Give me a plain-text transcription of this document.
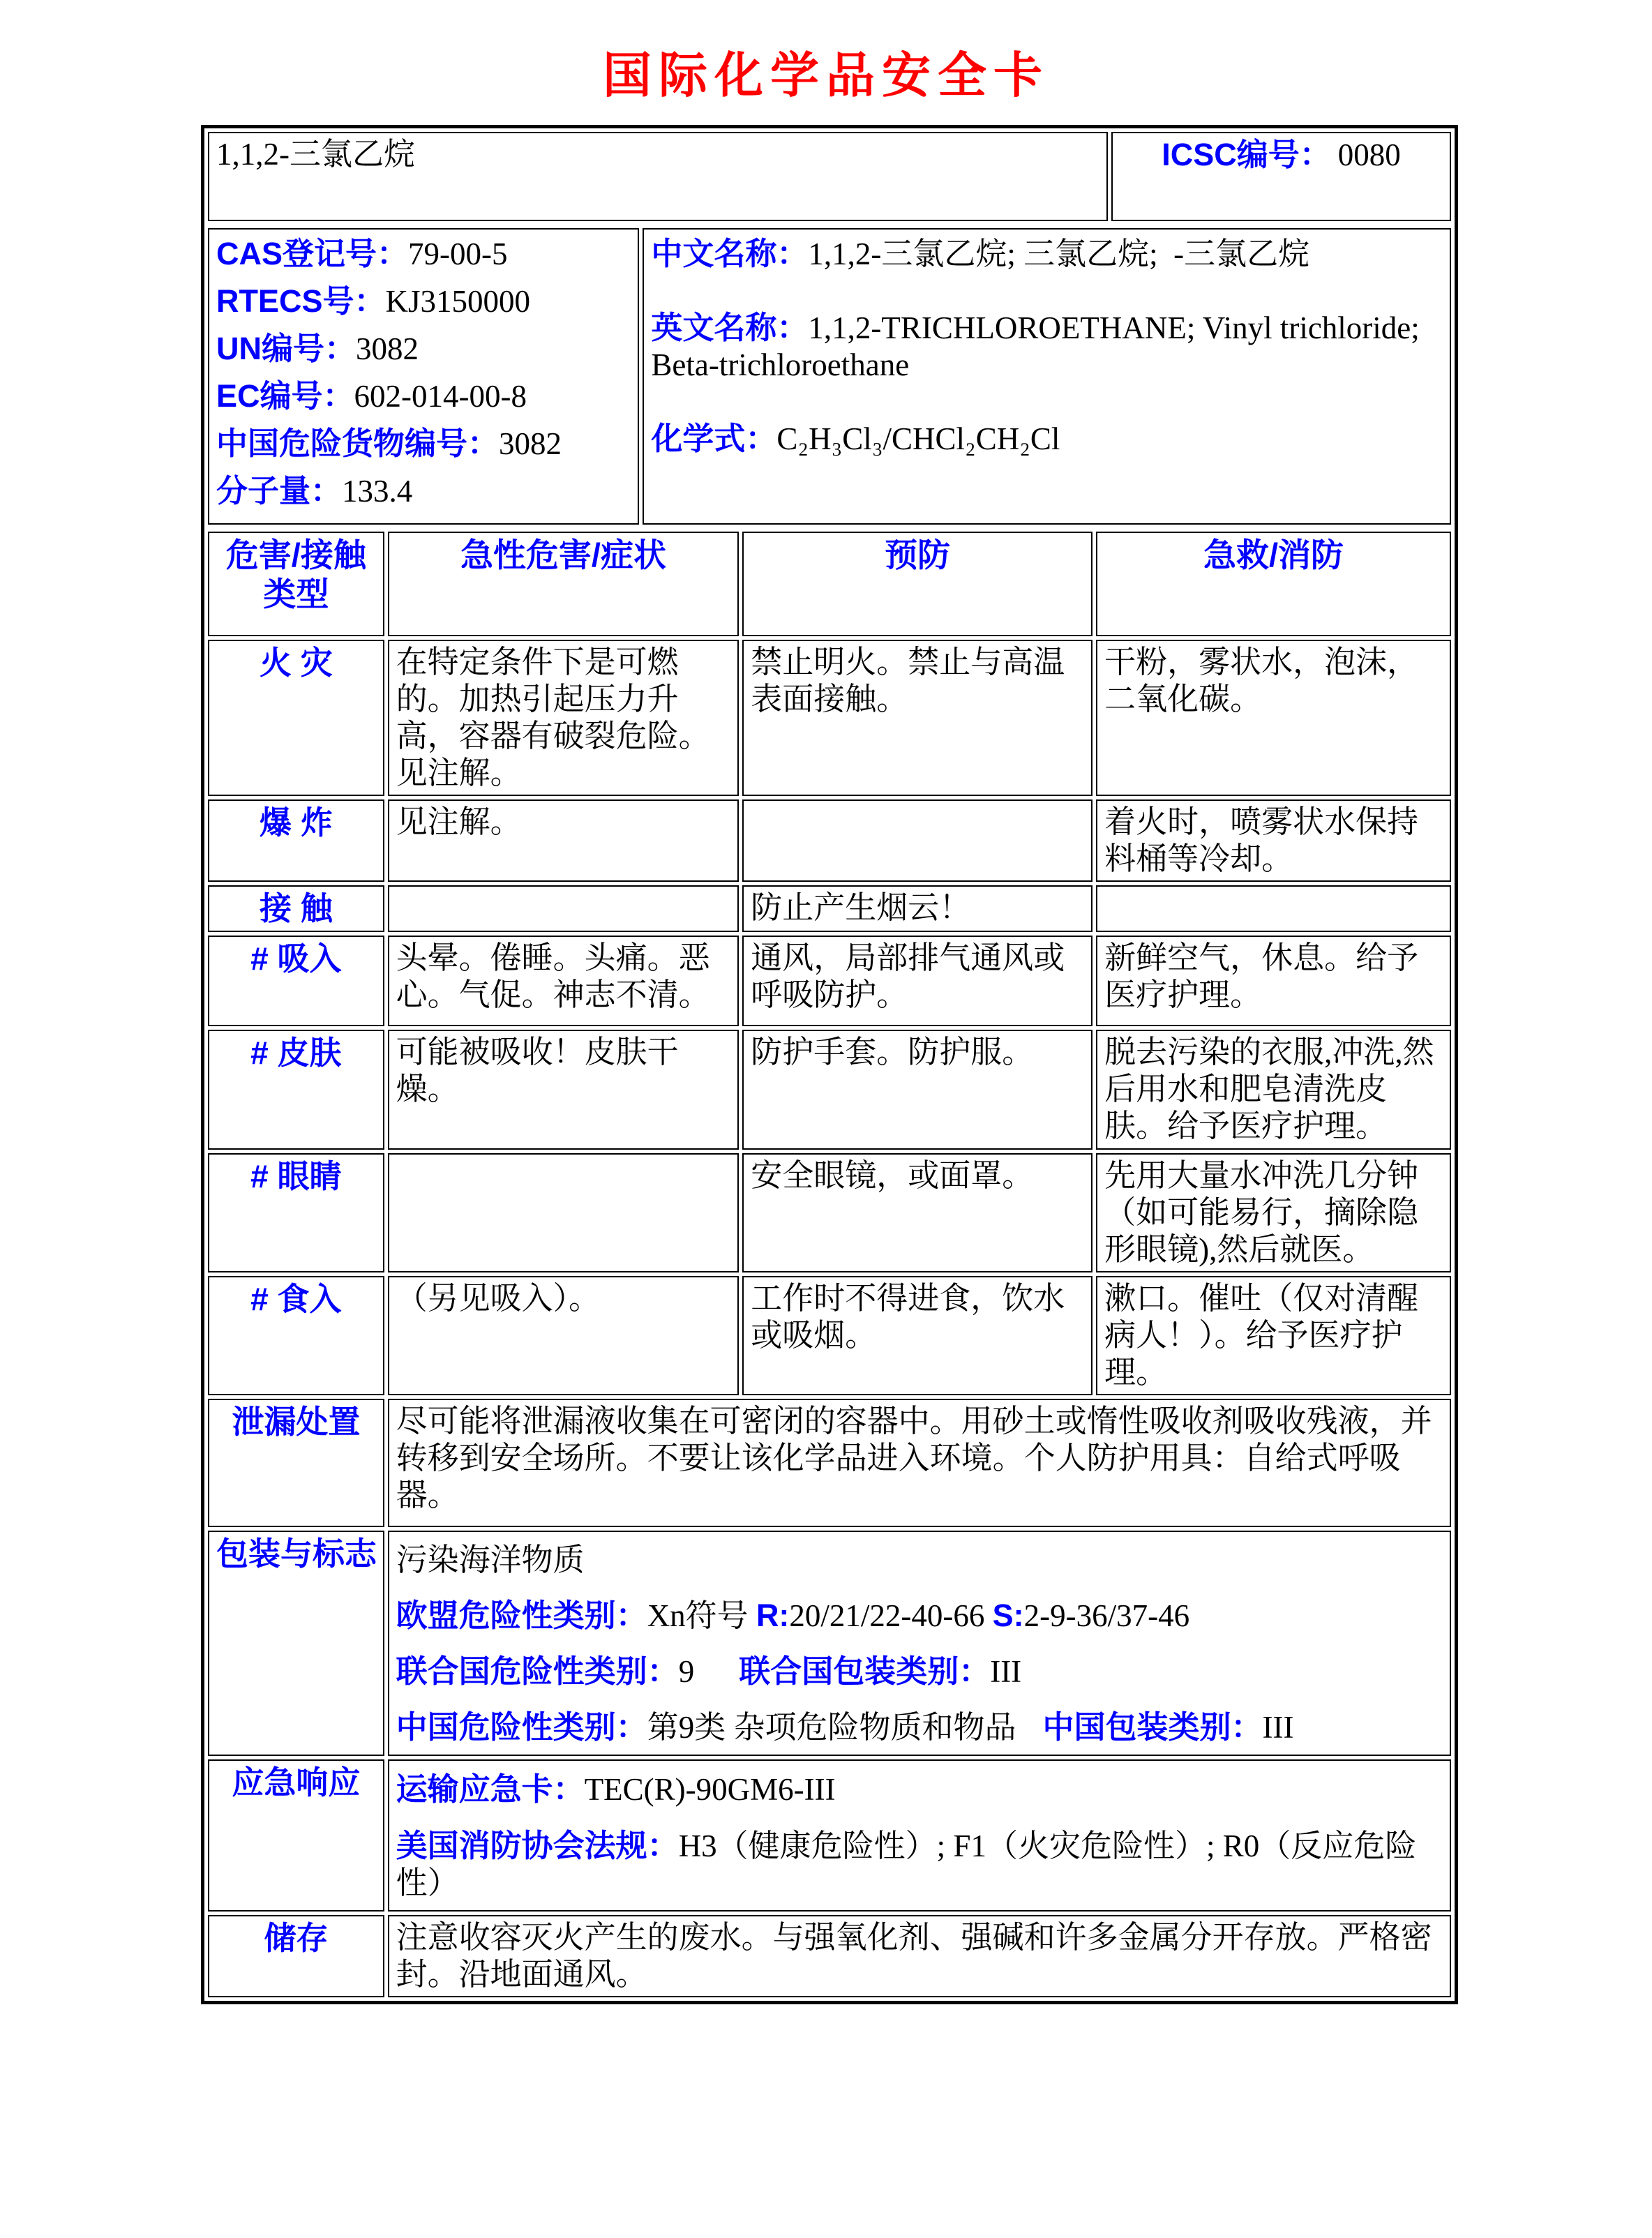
国际化学品安全卡
1,1,2-三氯乙烷	ICSC编号： 0080
CAS登记号：79-00-5
RTECS号：KJ3150000
UN编号：3082
EC编号：602-014-00-8
中国危险货物编号：3082
分子量：133.4

中文名称：1,1,2-三氯乙烷; 三氯乙烷;  -三氯乙烷
英文名称：1,1,2-TRICHLOROETHANE; Vinyl trichloride; Beta-trichloroethane
化学式：C₂H₃Cl₃/CHCl₂CH₂Cl
危害/接触 类型	急性危害/症状	预防	急救/消防
火 灾	在特定条件下是可燃的。加热引起压力升高，容器有破裂危险。见注解。	禁止明火。禁止与高温表面接触。	干粉，雾状水，泡沫，二氧化碳。
爆 炸	见注解。		着火时，喷雾状水保持料桶等冷却。
接 触		防止产生烟云！	
# 吸入	头晕。倦睡。头痛。恶心。气促。神志不清。	通风，局部排气通风或呼吸防护。	新鲜空气，休息。给予医疗护理。
# 皮肤	可能被吸收！皮肤干燥。	防护手套。防护服。	脱去污染的衣服,冲洗,然后用水和肥皂清洗皮肤。给予医疗护理。
# 眼睛		安全眼镜，或面罩。	先用大量水冲洗几分钟（如可能易行，摘除隐形眼镜),然后就医。
# 食入	（另见吸入）。	工作时不得进食，饮水或吸烟。	漱口。催吐（仅对清醒病人！）。给予医疗护理。
泄漏处置	尽可能将泄漏液收集在可密闭的容器中。用砂土或惰性吸收剂吸收残液，并转移到安全场所。不要让该化学品进入环境。个人防护用具：自给式呼吸器。		
包装与标志	污染海洋物质
欧盟危险性类别：Xn符号 R:20/21/22-40-66 S:2-9-36/37-46
联合国危险性类别：9 联合国包装类别：III
中国危险性类别：第9类 杂项危险物质和物品 中国包装类别：III		

应急响应	运输应急卡：TEC(R)-90GM6-III
美国消防协会法规：H3（健康危险性）; F1（火灾危险性）; R0（反应危险性）		

储存	注意收容灭火产生的废水。与强氧化剂、强碱和许多金属分开存放。严格密封。沿地面通风。		
